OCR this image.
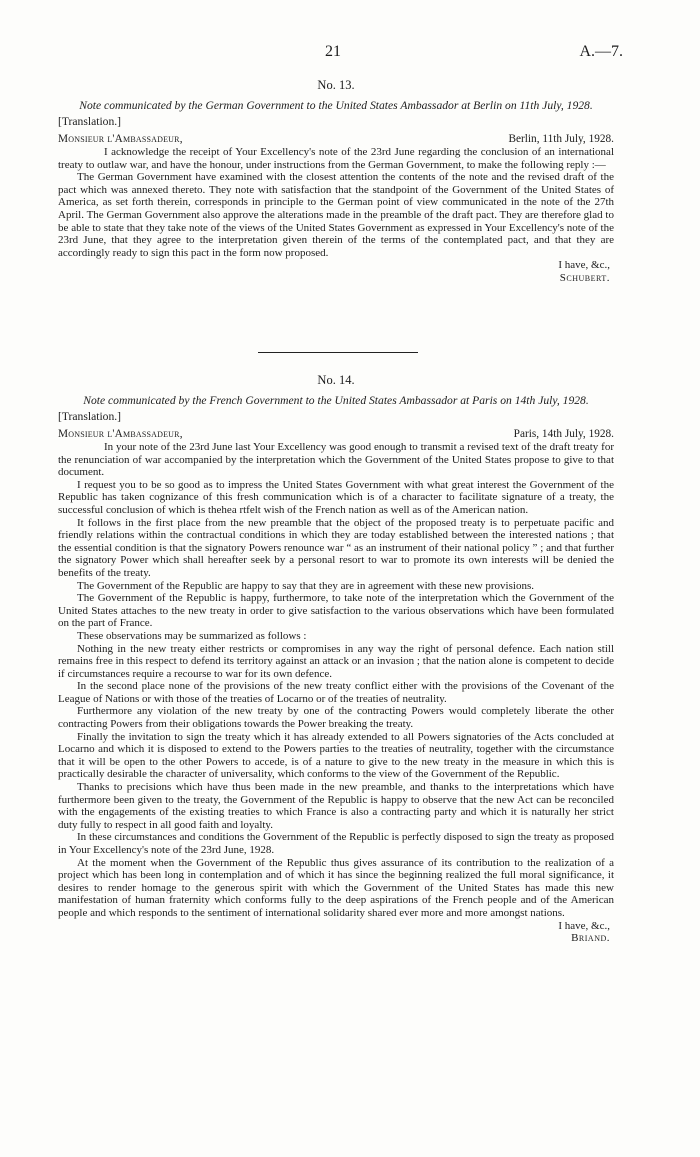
21	A.—7.
No. 13.
Note communicated by the German Government to the United States Ambassador at Berlin on 11th July, 1928.
[Translation.]
Monsieur l'Ambassadeur,	Berlin, 11th July, 1928.

I acknowledge the receipt of Your Excellency's note of the 23rd June regarding the conclusion of an international treaty to outlaw war, and have the honour, under instructions from the German Government, to make the following reply :—

The German Government have examined with the closest attention the contents of the note and the revised draft of the pact which was annexed thereto. They note with satisfaction that the standpoint of the Government of the United States of America, as set forth therein, corresponds in principle to the German point of view communicated in the note of the 27th April. The German Government also approve the alterations made in the preamble of the draft pact. They are therefore glad to be able to state that they take note of the views of the United States Government as expressed in Your Excellency's note of the 23rd June, that they agree to the interpretation given therein of the terms of the contemplated pact, and that they are accordingly ready to sign this pact in the form now proposed.

I have, &c.,
Schubert.
No. 14.
Note communicated by the French Government to the United States Ambassador at Paris on 14th July, 1928.
[Translation.]
Monsieur l'Ambassadeur,	Paris, 14th July, 1928.

In your note of the 23rd June last Your Excellency was good enough to transmit a revised text of the draft treaty for the renunciation of war accompanied by the interpretation which the Government of the United States propose to give to that document.

I request you to be so good as to impress the United States Government with what great interest the Government of the Republic has taken cognizance of this fresh communication which is of a character to facilitate signature of a treaty, the successful conclusion of which is thehea rtfelt wish of the French nation as well as of the American nation.

It follows in the first place from the new preamble that the object of the proposed treaty is to perpetuate pacific and friendly relations within the contractual conditions in which they are today established between the interested nations ; that the essential condition is that the signatory Powers renounce war “ as an instrument of their national policy ” ; and that further the signatory Power which shall hereafter seek by a personal resort to war to promote its own interests will be denied the benefits of the treaty.

The Government of the Republic are happy to say that they are in agreement with these new provisions.

The Government of the Republic is happy, furthermore, to take note of the interpretation which the Government of the United States attaches to the new treaty in order to give satisfaction to the various observations which have been formulated on the part of France.

These observations may be summarized as follows :

Nothing in the new treaty either restricts or compromises in any way the right of personal defence. Each nation still remains free in this respect to defend its territory against an attack or an invasion ; that the nation alone is competent to decide if circumstances require a recourse to war for its own defence.

In the second place none of the provisions of the new treaty conflict either with the provisions of the Covenant of the League of Nations or with those of the treaties of Locarno or of the treaties of neutrality.

Furthermore any violation of the new treaty by one of the contracting Powers would completely liberate the other contracting Powers from their obligations towards the Power breaking the treaty.

Finally the invitation to sign the treaty which it has already extended to all Powers signatories of the Acts concluded at Locarno and which it is disposed to extend to the Powers parties to the treaties of neutrality, together with the circumstance that it will be open to the other Powers to accede, is of a nature to give to the new treaty in the measure in which this is practically desirable the character of universality, which conforms to the view of the Government of the Republic.

Thanks to precisions which have thus been made in the new preamble, and thanks to the interpretations which have furthermore been given to the treaty, the Government of the Republic is happy to observe that the new Act can be reconciled with the engagements of the existing treaties to which France is also a contracting party and which it is naturally her strict duty fully to respect in all good faith and loyalty.

In these circumstances and conditions the Government of the Republic is perfectly disposed to sign the treaty as proposed in Your Excellency's note of the 23rd June, 1928.

At the moment when the Government of the Republic thus gives assurance of its contribution to the realization of a project which has been long in contemplation and of which it has since the beginning realized the full moral significance, it desires to render homage to the generous spirit with which the Government of the United States has made this new manifestation of human fraternity which conforms fully to the deep aspirations of the French people and of the American people and which responds to the sentiment of international solidarity shared ever more and more amongst nations.

I have, &c.,
Briand.
